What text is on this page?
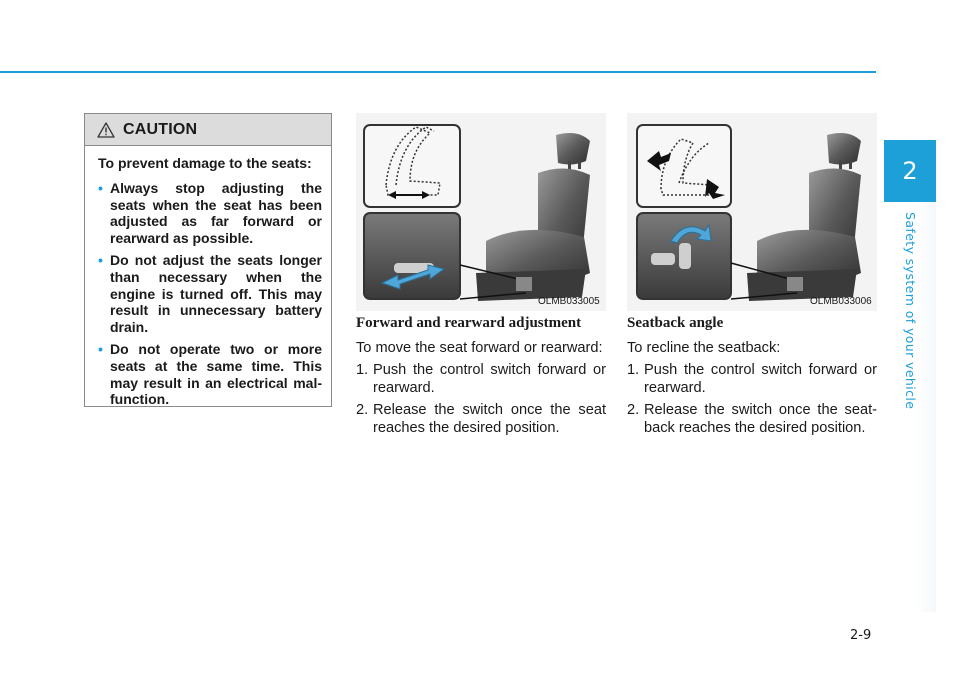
2
Safety system of your vehicle
CAUTION
To prevent damage to the seats:
• Always stop adjusting the seats when the seat has been adjusted as far forward or rearward as possible.
• Do not adjust the seats longer than necessary when the engine is turned off. This may result in unnecessary battery drain.
• Do not operate two or more seats at the same time. This may result in an electrical mal-function.
OLMB033005	OLMB033006
Forward and rearward adjustment

To move the seat forward or rearward:

1. Push the control switch forward or rearward.
2. Release the switch once the seat reaches the desired position.
Seatback angle

To recline the seatback:

1. Push the control switch forward or rearward.
2. Release the switch once the seat-back reaches the desired position.
2-9
